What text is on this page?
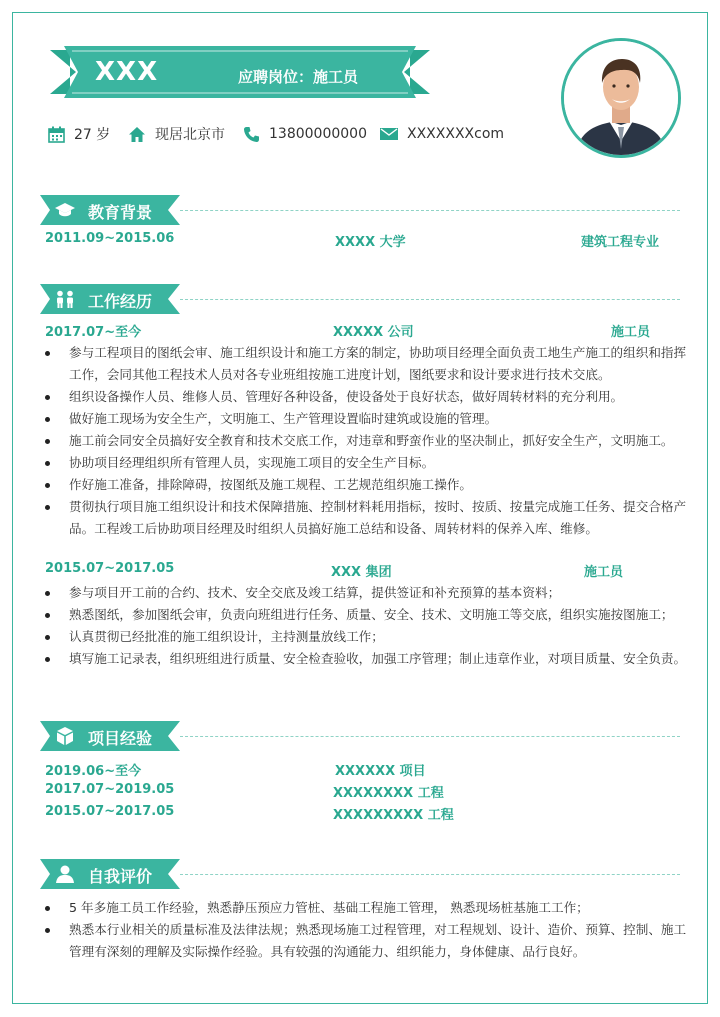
XXX	应聘岗位：施工员
27 岁	现居北京市	13800000000	XXXXXXXcom
教育背景
2011.09~2015.06	XXXX 大学	建筑工程专业
工作经历
2017.07~至今	XXXXX 公司	施工员
参与工程项目的图纸会审、施工组织设计和施工方案的制定，协助项目经理全面负责工地生产施工的组织和指挥工作，会同其他工程技术人员对各专业班组按施工进度计划，图纸要求和设计要求进行技术交底。
组织设备操作人员、维修人员、管理好各种设备，使设备处于良好状态，做好周转材料的充分利用。
做好施工现场为安全生产，文明施工、生产管理设置临时建筑或设施的管理。
施工前会同安全员搞好安全教育和技术交底工作，对违章和野蛮作业的坚决制止，抓好安全生产，文明施工。
协助项目经理组织所有管理人员，实现施工项目的安全生产目标。
作好施工准备，排除障碍，按图纸及施工规程、工艺规范组织施工操作。
贯彻执行项目施工组织设计和技术保障措施、控制材料耗用指标，按时、按质、按量完成施工任务、提交合格产品。工程竣工后协助项目经理及时组织人员搞好施工总结和设备、周转材料的保养入库、维修。
2015.07~2017.05	XXX 集团	施工员
参与项目开工前的合约、技术、安全交底及竣工结算，提供签证和补充预算的基本资料；
熟悉图纸，参加图纸会审，负责向班组进行任务、质量、安全、技术、文明施工等交底，组织实施按图施工；
认真贯彻已经批准的施工组织设计，主持测量放线工作；
填写施工记录表，组织班组进行质量、安全检查验收，加强工序管理；制止违章作业，对项目质量、安全负责。
项目经验
2019.06~至今	XXXXXX 项目
2017.07~2019.05	XXXXXXXX 工程
2015.07~2017.05	XXXXXXXXX 工程
自我评价
5 年多施工员工作经验，熟悉静压预应力管桩、基础工程施工管理， 熟悉现场桩基施工工作；
熟悉本行业相关的质量标准及法律法规；熟悉现场施工过程管理，对工程规划、设计、造价、预算、控制、施工管理有深刻的理解及实际操作经验。具有较强的沟通能力、组织能力，身体健康、品行良好。
